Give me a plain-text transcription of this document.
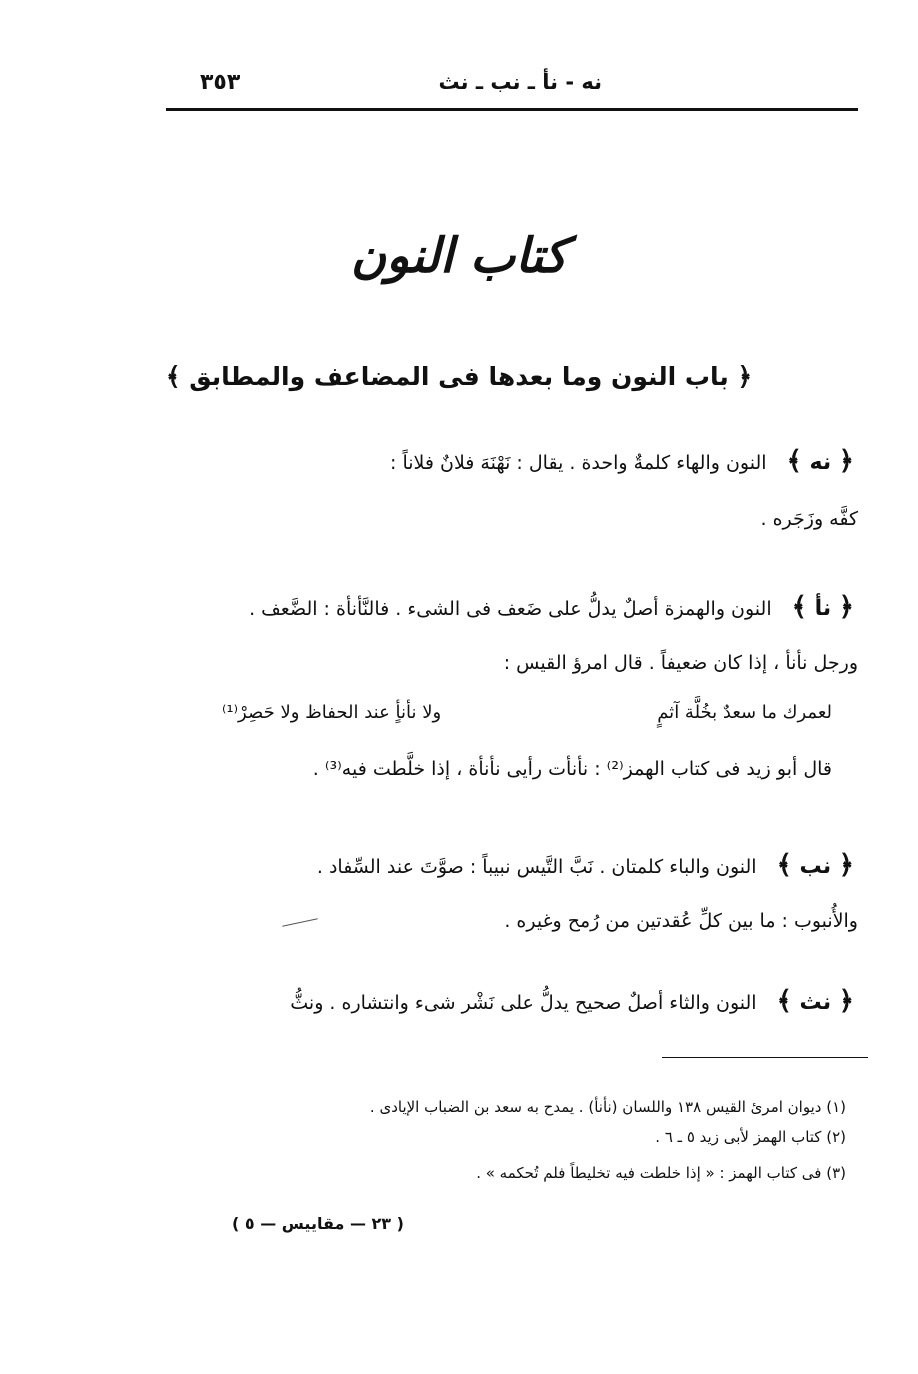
نه - نأ ـ نب ـ نث
٣٥٣
كتاب النون
﴿ باب النون وما بعدها فى المضاعف والمطابق ﴾
﴿ نه ﴾ النون والهاء كلمةٌ واحدة . يقال : نَهْنَهَ فلانٌ فلاناً :
كفَّه وزَجَره .
﴿ نأ ﴾ النون والهمزة أصلٌ يدلُّ على ضَعف فى الشىء . فالنَّأنأة : الضَّعف .
ورجل نأنأ ، إذا كان ضعيفاً . قال امرؤ القيس :
لعمرك ما سعدٌ بخُلَّة آثمٍ
ولا نأنأٍ عند الحفاظ ولا حَصِرْ⁽¹⁾
قال أبو زيد فى كتاب الهمز⁽²⁾ : نأنأت رأيى نأنأة ، إذا خلَّطت فيه⁽³⁾ .
﴿ نب ﴾ النون والباء كلمتان . نَبَّ التَّيس نبيباً : صوَّتَ عند السِّفاد .
والأُنبوب : ما بين كلِّ عُقدتين من رُمح وغيره .
﴿ نث ﴾ النون والثاء أصلٌ صحيح يدلُّ على نَشْر شىء وانتشاره . ونثُّ
(١) ديوان امرئ القيس ١٣٨ واللسان (نأنأ) . يمدح به سعد بن الضباب الإيادى .
(٢) كتاب الهمز لأبى زيد ٥ ـ ٦ .
(٣) فى كتاب الهمز : « إذا خلطت فيه تخليطاً فلم تُحكمه » .
( ٢٣ — مقاييس — ٥ )
